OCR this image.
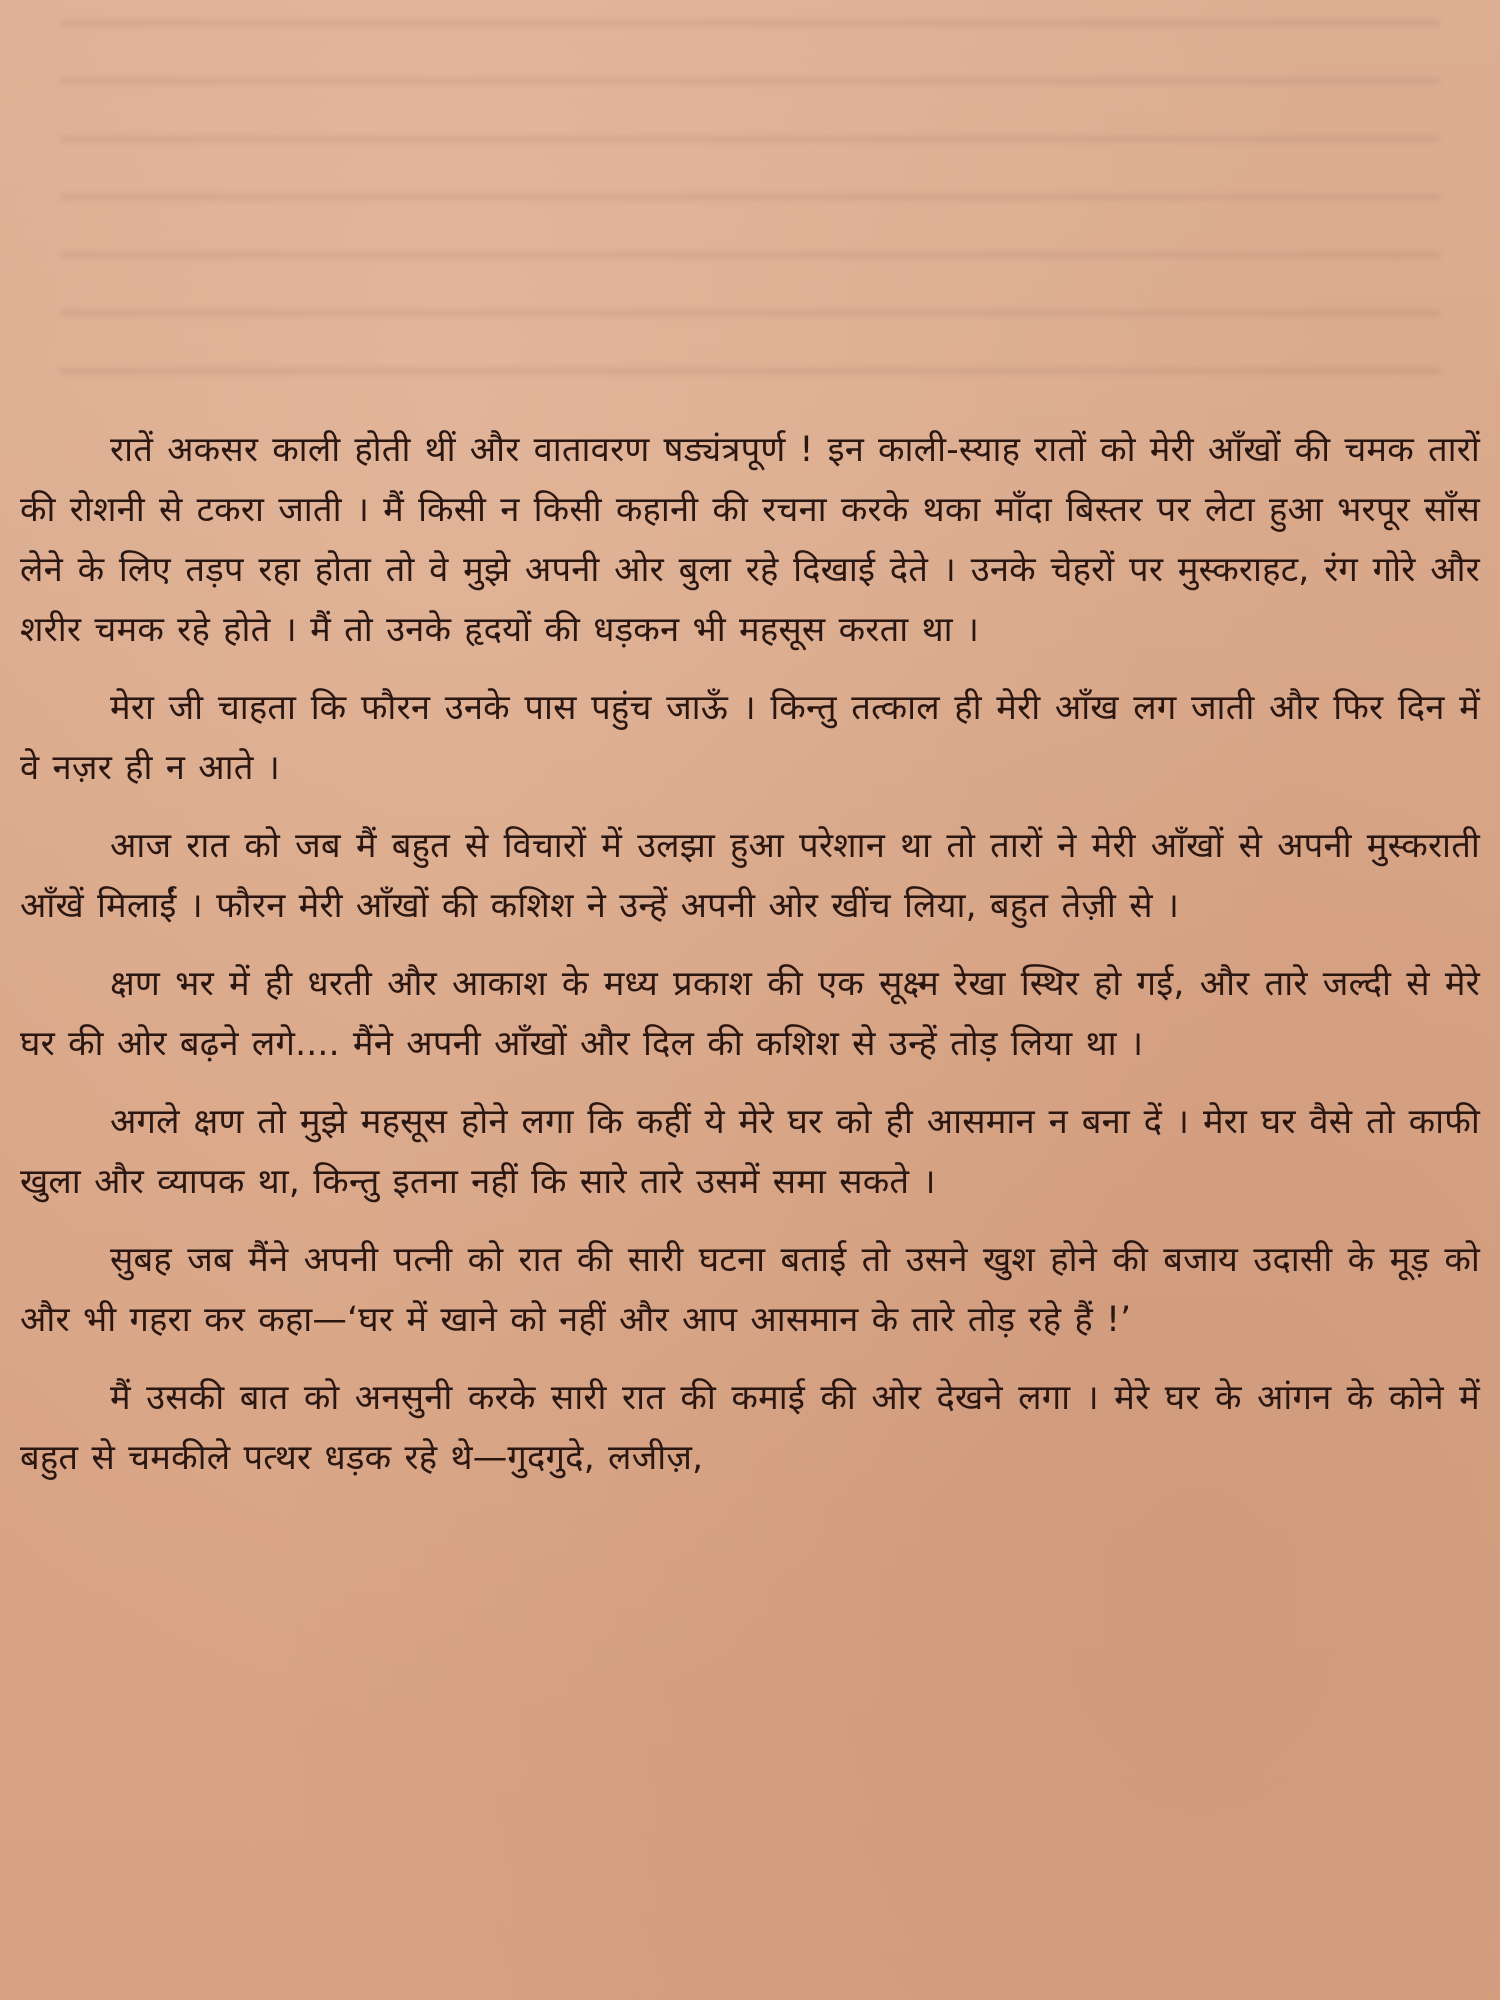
रातें अकसर काली होती थीं और वातावरण षड्यंत्रपूर्ण ! इन काली-स्याह रातों को मेरी आँखों की चमक तारों की रोशनी से टकरा जाती । मैं किसी न किसी कहानी की रचना करके थका माँदा बिस्तर पर लेटा हुआ भरपूर साँस लेने के लिए तड़प रहा होता तो वे मुझे अपनी ओर बुला रहे दिखाई देते । उनके चेहरों पर मुस्कराहट, रंग गोरे और शरीर चमक रहे होते । मैं तो उनके हृदयों की धड़कन भी महसूस करता था ।

मेरा जी चाहता कि फौरन उनके पास पहुंच जाऊँ । किन्तु तत्काल ही मेरी आँख लग जाती और फिर दिन में वे नज़र ही न आते ।

आज रात को जब मैं बहुत से विचारों में उलझा हुआ परेशान था तो तारों ने मेरी आँखों से अपनी मुस्कराती आँखें मिलाईं । फौरन मेरी आँखों की कशिश ने उन्हें अपनी ओर खींच लिया, बहुत तेज़ी से ।

क्षण भर में ही धरती और आकाश के मध्य प्रकाश की एक सूक्ष्म रेखा स्थिर हो गई, और तारे जल्दी से मेरे घर की ओर बढ़ने लगे.... मैंने अपनी आँखों और दिल की कशिश से उन्हें तोड़ लिया था ।

अगले क्षण तो मुझे महसूस होने लगा कि कहीं ये मेरे घर को ही आसमान न बना दें । मेरा घर वैसे तो काफी खुला और व्यापक था, किन्तु इतना नहीं कि सारे तारे उसमें समा सकते ।

सुबह जब मैंने अपनी पत्नी को रात की सारी घटना बताई तो उसने खुश होने की बजाय उदासी के मूड़ को और भी गहरा कर कहा—‘घर में खाने को नहीं और आप आसमान के तारे तोड़ रहे हैं !’

मैं उसकी बात को अनसुनी करके सारी रात की कमाई की ओर देखने लगा । मेरे घर के आंगन के कोने में बहुत से चमकीले पत्थर धड़क रहे थे—गुदगुदे, लजीज़,
